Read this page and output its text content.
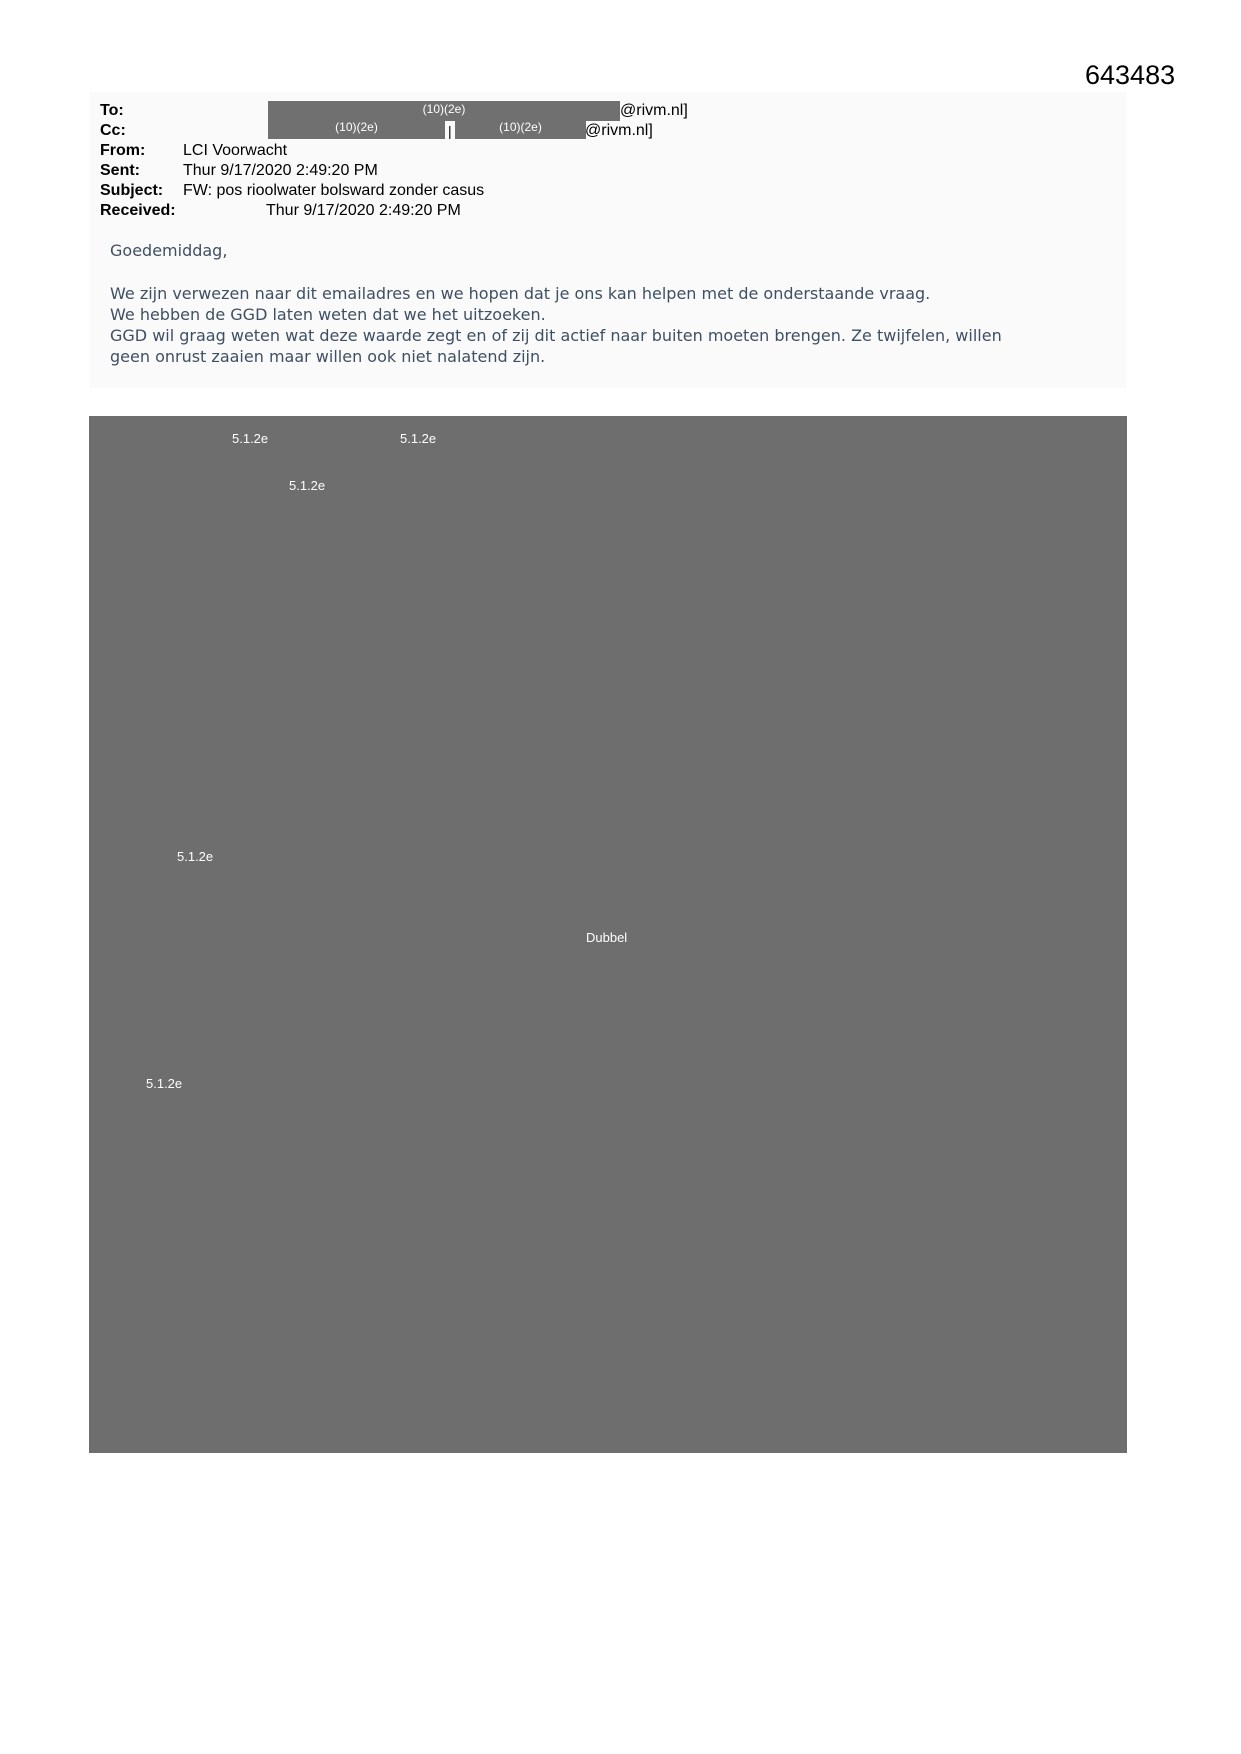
643483
To:	(10)(2e)	@rivm.nl]
Cc:	(10)(2e)	|	(10)(2e)	@rivm.nl]
From: LCI Voorwacht
Sent:	Thur 9/17/2020 2:49:20 PM
Subject: FW: pos rioolwater bolsward zonder casus
Received:	Thur 9/17/2020 2:49:20 PM
Goedemiddag,
We zijn verwezen naar dit emailadres en we hopen dat je ons kan helpen met de onderstaande vraag.
We hebben de GGD laten weten dat we het uitzoeken.
GGD wil graag weten wat deze waarde zegt en of zij dit actief naar buiten moeten brengen. Ze twijfelen, willen
geen onrust zaaien maar willen ook niet nalatend zijn.
5.1.2e	5.1.2e
5.1.2e
5.1.2e
Dubbel
5.1.2e
